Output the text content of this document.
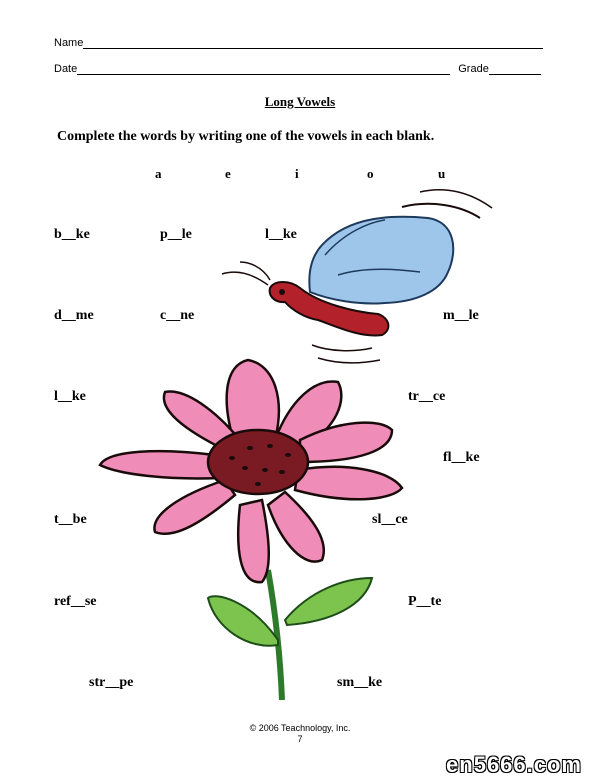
Name
Date	Grade
Long Vowels
Complete the words by writing one of the vowels in each blank.
a	e	i	o	u
b__ke	p__le	l__ke
d__me	c__ne	m__le
l__ke	tr__ce
fl__ke
t__be	sl__ce
ref__se	P__te
str__pe	sm__ke
© 2006 Teachnology, Inc.
7
en5666.com
